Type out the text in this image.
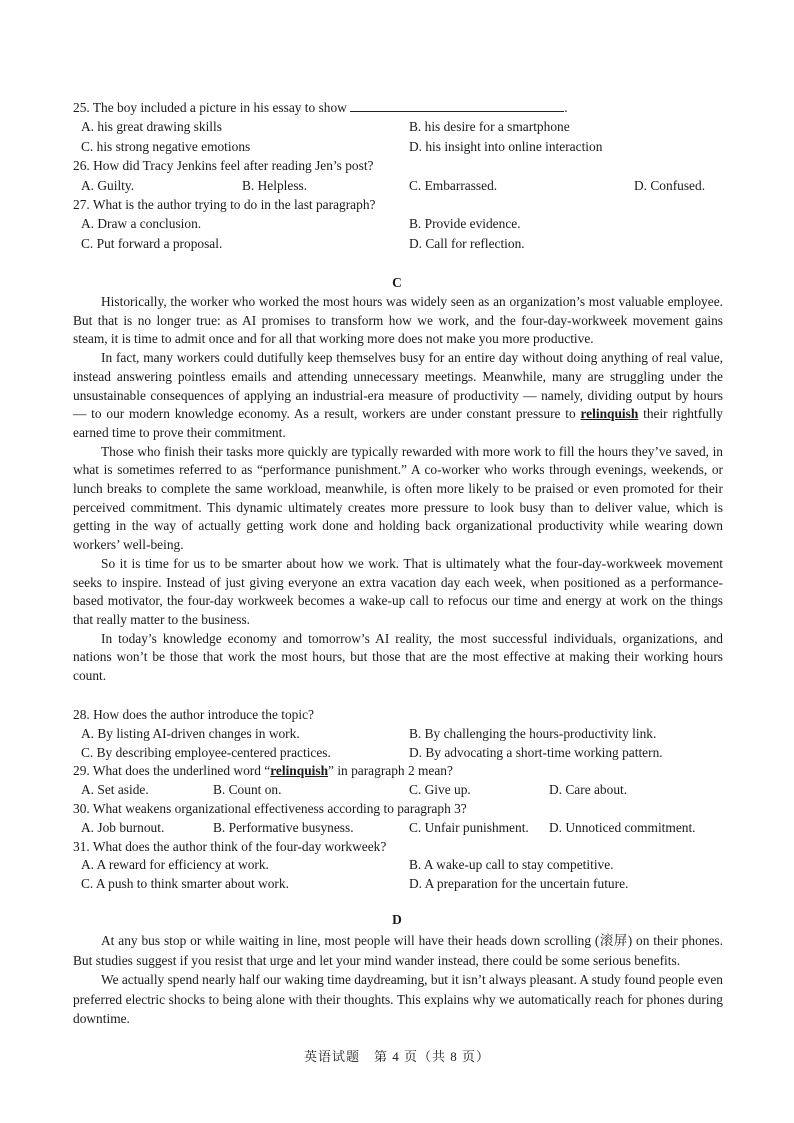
25. The boy included a picture in his essay to show	.
A. his great drawing skills	B. his desire for a smartphone
C. his strong negative emotions	D. his insight into online interaction
26. How did Tracy Jenkins feel after reading Jen’s post?
A. Guilty.	B. Helpless.	C. Embarrassed.	D. Confused.
27. What is the author trying to do in the last paragraph?
A. Draw a conclusion.	B. Provide evidence.
C. Put forward a proposal.	D. Call for reflection.
C

Historically, the worker who worked the most hours was widely seen as an organization’s most valuable employee. But that is no longer true: as AI promises to transform how we work, and the four-day-workweek movement gains steam, it is time to admit once and for all that working more does not make you more productive.

In fact, many workers could dutifully keep themselves busy for an entire day without doing anything of real value, instead answering pointless emails and attending unnecessary meetings. Meanwhile, many are struggling under the unsustainable consequences of applying an industrial-era measure of productivity — namely, dividing output by hours — to our modern knowledge economy. As a result, workers are under constant pressure to relinquish their rightfully earned time to prove their commitment.

Those who finish their tasks more quickly are typically rewarded with more work to fill the hours they’ve saved, in what is sometimes referred to as “performance punishment.” A co-worker who works through evenings, weekends, or lunch breaks to complete the same workload, meanwhile, is often more likely to be praised or even promoted for their perceived commitment. This dynamic ultimately creates more pressure to look busy than to deliver value, which is getting in the way of actually getting work done and holding back organizational productivity while wearing down workers’ well-being.

So it is time for us to be smarter about how we work. That is ultimately what the four-day-workweek movement seeks to inspire. Instead of just giving everyone an extra vacation day each week, when positioned as a performance-based motivator, the four-day workweek becomes a wake-up call to refocus our time and energy at work on the things that really matter to the business.

In today’s knowledge economy and tomorrow’s AI reality, the most successful individuals, organizations, and nations won’t be those that work the most hours, but those that are the most effective at making their working hours count.

28. How does the author introduce the topic?
A. By listing AI-driven changes in work.	B. By challenging the hours-productivity link.
C. By describing employee-centered practices.	D. By advocating a short-time working pattern.
29. What does the underlined word “relinquish” in paragraph 2 mean?
A. Set aside.	B. Count on.	C. Give up.	D. Care about.
30. What weakens organizational effectiveness according to paragraph 3?
A. Job burnout.	B. Performative busyness.	C. Unfair punishment. D. Unnoticed commitment.
31. What does the author think of the four-day workweek?
A. A reward for efficiency at work.	B. A wake-up call to stay competitive.
C. A push to think smarter about work.	D. A preparation for the uncertain future.
D

At any bus stop or while waiting in line, most people will have their heads down scrolling (滚屏) on their phones. But studies suggest if you resist that urge and let your mind wander instead, there could be some serious benefits.

We actually spend nearly half our waking time daydreaming, but it isn’t always pleasant. A study found people even preferred electric shocks to being alone with their thoughts. This explains why we automatically reach for phones during downtime.

英语试题　第 4 页（共 8 页）
